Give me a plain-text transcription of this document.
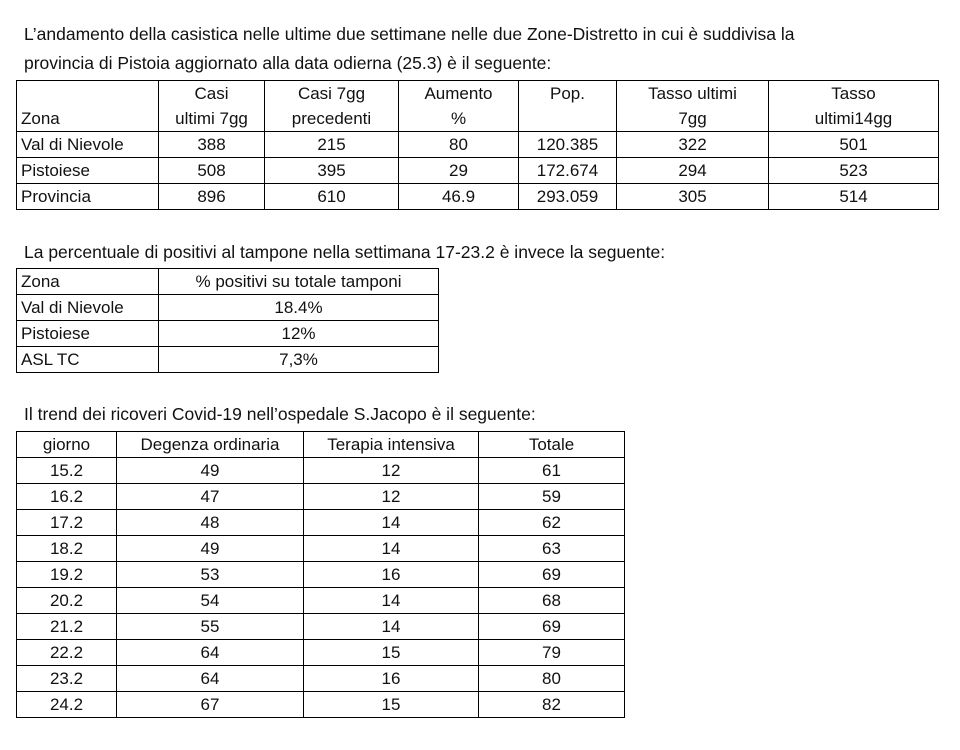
L’andamento della casistica nelle ultime due settimane nelle due Zone-Distretto in cui è suddivisa la

provincia di Pistoia aggiornato alla data odierna (25.3) è il seguente:

	Casi	Casi 7gg	Aumento	Pop.	Tasso ultimi	Tasso
Zona	ultimi 7gg	precedenti	%		7gg	ultimi14gg
Val di Nievole	388	215	80	120.385	322	501
Pistoiese	508	395	29	172.674	294	523
Provincia	896	610	46.9	293.059	305	514

La percentuale di positivi al tampone nella settimana 17-23.2 è invece la seguente:

Zona	% positivi su totale tamponi
Val di Nievole	18.4%
Pistoiese	12%
ASL TC	7,3%

Il trend dei ricoveri Covid-19 nell’ospedale S.Jacopo è il seguente:

giorno	Degenza ordinaria	Terapia intensiva	Totale
15.2	49	12	61
16.2	47	12	59
17.2	48	14	62
18.2	49	14	63
19.2	53	16	69
20.2	54	14	68
21.2	55	14	69
22.2	64	15	79
23.2	64	16	80
24.2	67	15	82
